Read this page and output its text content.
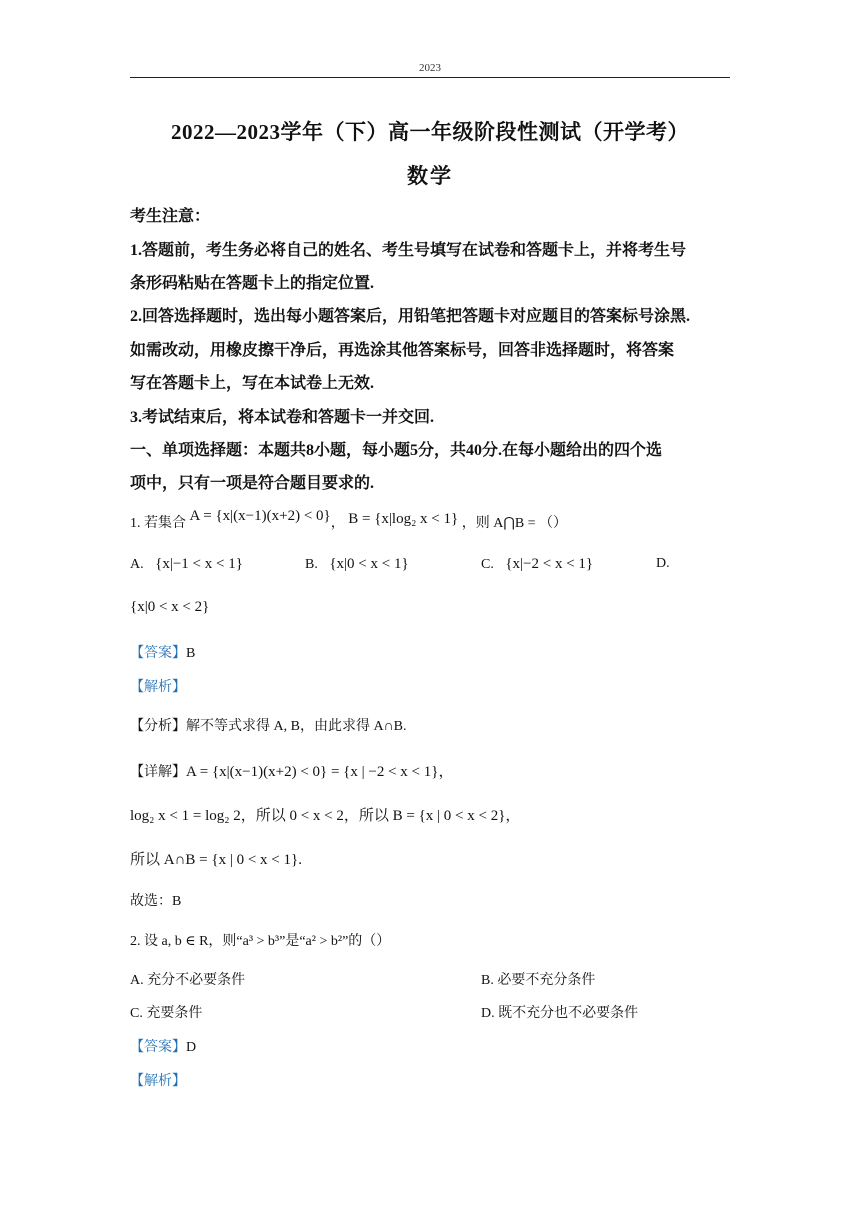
2023
2022—2023学年（下）高一年级阶段性测试（开学考）
数学
考生注意：
1.答题前，考生务必将自己的姓名、考生号填写在试卷和答题卡上，并将考生号
条形码粘贴在答题卡上的指定位置.
2.回答选择题时，选出每小题答案后，用铅笔把答题卡对应题目的答案标号涂黑.
如需改动，用橡皮擦干净后，再选涂其他答案标号，回答非选择题时，将答案
写在答题卡上，写在本试卷上无效.
3.考试结束后，将本试卷和答题卡一并交回.
一、单项选择题：本题共8小题，每小题5分，共40分.在每小题给出的四个选
项中，只有一项是符合题目要求的.
1. 若集合 A = {x|(x−1)(x+2) < 0}， B = {x|log₂ x < 1} ，则 A⋂B = （）
A. {x|−1 < x < 1}	B. {x|0 < x < 1}	C. {x|−2 < x < 1}	D.
{x|0 < x < 2}
【答案】B
【解析】
【分析】解不等式求得 A, B，由此求得 A∩B.
【详解】A = {x|(x−1)(x+2) < 0} = {x | −2 < x < 1}，
log₂ x < 1 = log₂ 2，所以 0 < x < 2，所以 B = {x | 0 < x < 2}，
所以 A∩B = {x | 0 < x < 1}.
故选：B
2. 设 a, b ∈ R，则“a³ > b³”是“a² > b²”的（）
A. 充分不必要条件	B. 必要不充分条件
C. 充要条件	D. 既不充分也不必要条件
【答案】D
【解析】
